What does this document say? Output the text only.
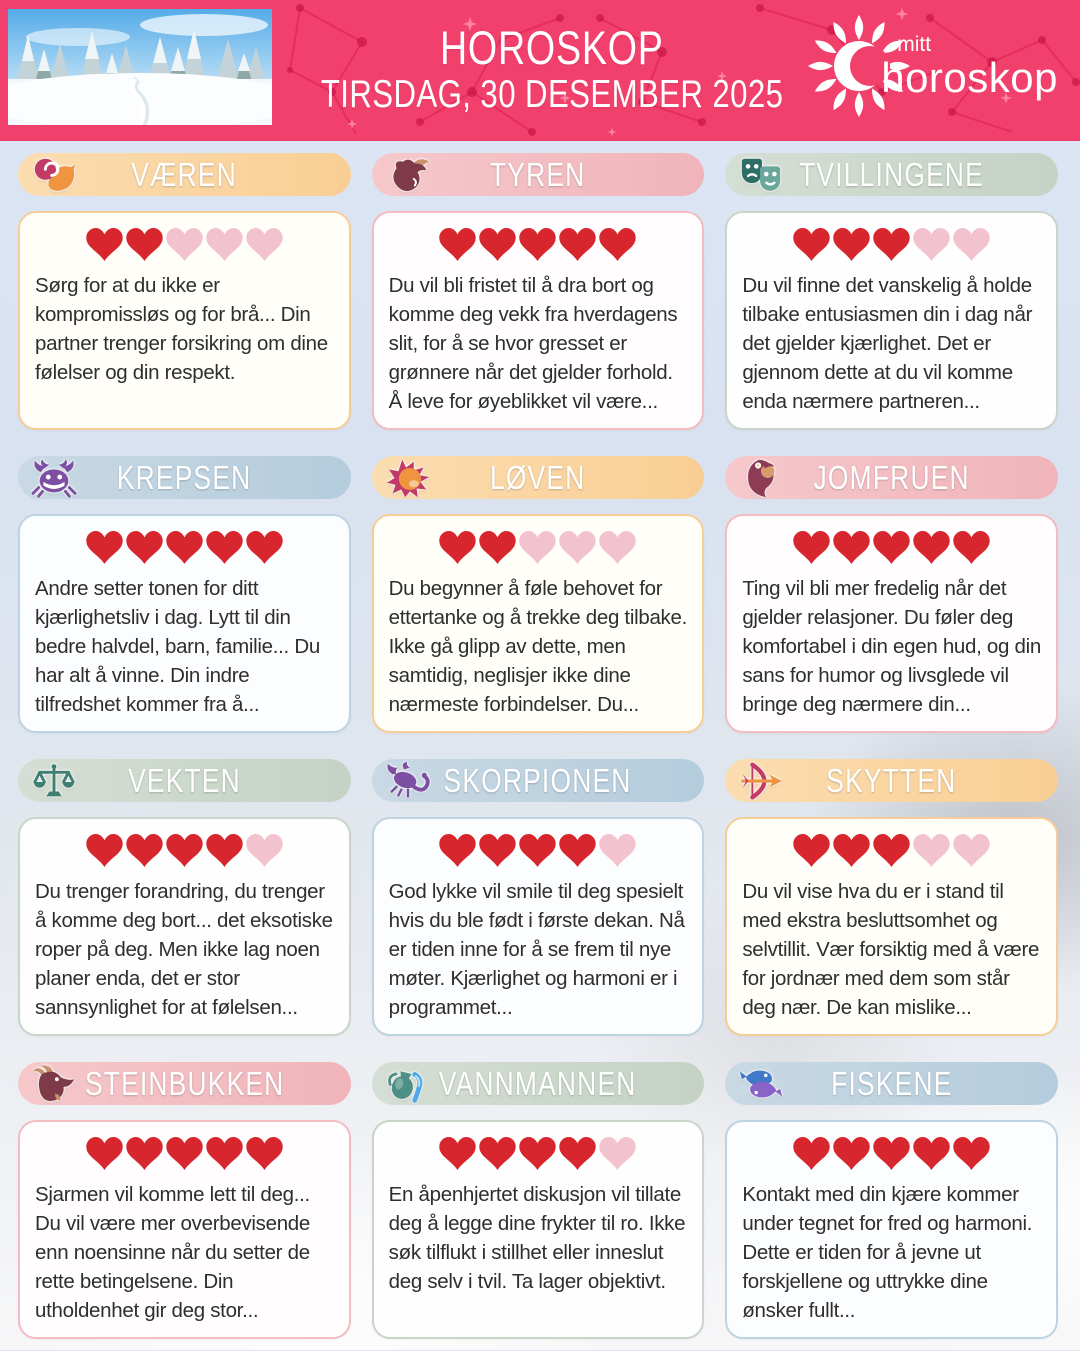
HOROSKOP
TIRSDAG, 30 DESEMBER 2025
mitt
horoskop
VÆREN

Sørg for at du ikke er kompromissløs og for brå... Din partner trenger forsikring om dine følelser og din respekt.

TYREN

Du vil bli fristet til å dra bort og komme deg vekk fra hverdagens slit, for å se hvor gresset er grønnere når det gjelder forhold. Å leve for øyeblikket vil være...

TVILLINGENE

Du vil finne det vanskelig å holde tilbake entusiasmen din i dag når det gjelder kjærlighet. Det er gjennom dette at du vil komme enda nærmere partneren...

KREPSEN

Andre setter tonen for ditt kjærlighetsliv i dag. Lytt til din bedre halvdel, barn, familie... Du har alt å vinne. Din indre tilfredshet kommer fra å...

LØVEN

Du begynner å føle behovet for ettertanke og å trekke deg tilbake. Ikke gå glipp av dette, men samtidig, neglisjer ikke dine nærmeste forbindelser. Du...

JOMFRUEN

Ting vil bli mer fredelig når det gjelder relasjoner. Du føler deg komfortabel i din egen hud, og din sans for humor og livsglede vil bringe deg nærmere din...

VEKTEN

Du trenger forandring, du trenger å komme deg bort... det eksotiske roper på deg. Men ikke lag noen planer enda, det er stor sannsynlighet for at følelsen...

SKORPIONEN

God lykke vil smile til deg spesielt hvis du ble født i første dekan. Nå er tiden inne for å se frem til nye møter. Kjærlighet og harmoni er i programmet...

SKYTTEN

Du vil vise hva du er i stand til med ekstra besluttsomhet og selvtillit. Vær forsiktig med å være for jordnær med dem som står deg nær. De kan mislike...

STEINBUKKEN

Sjarmen vil komme lett til deg... Du vil være mer overbevisende enn noensinne når du setter de rette betingelsene. Din utholdenhet gir deg stor...

VANNMANNEN

En åpenhjertet diskusjon vil tillate deg å legge dine frykter til ro. Ikke søk tilflukt i stillhet eller inneslut deg selv i tvil. Ta lager objektivt.

FISKENE

Kontakt med din kjære kommer under tegnet for fred og harmoni. Dette er tiden for å jevne ut forskjellene og uttrykke dine ønsker fullt...
